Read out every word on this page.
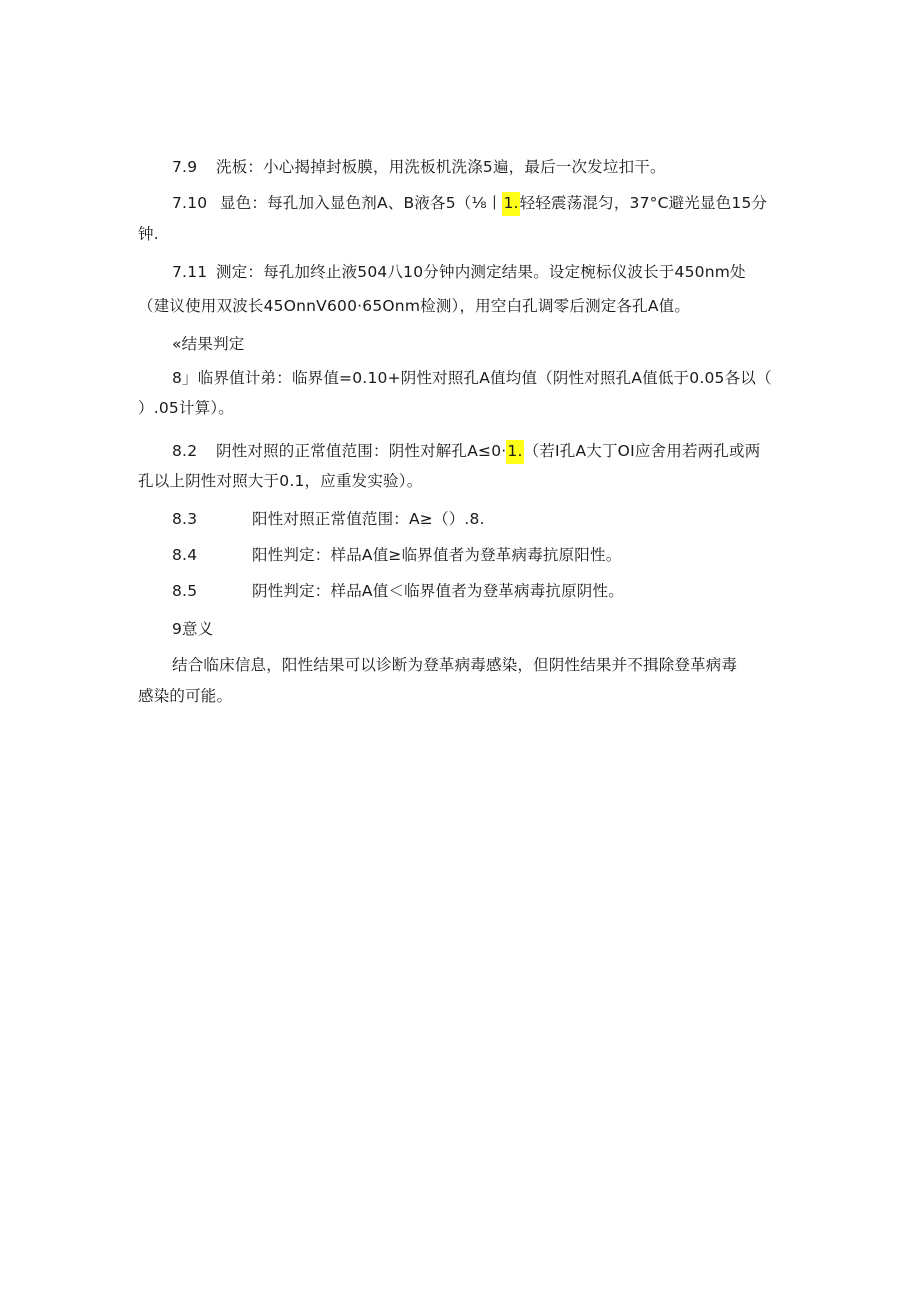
7.9 洗板：小心揭掉封板膜，用洗板机洗涤5遍，最后一次发垃扣干。
7.10 显色：每孔加入显色剂A、B液各5（⅛丨1.轻轻震荡混匀，37°C避光显色15分
钟.
7.11 测定：每孔加终止液504八10分钟内测定结果。设定椀标仪波长于450nm处
（建议使用双波长45OnnV600·65Onm检测），用空白孔调零后测定各孔A值。
«结果判定
8」临界值计弟：临界值=0.10+阴性对照孔A值均值（阴性对照孔A值低于0.05各以（
）.05计算）。
8.2 阴性对照的正常值范围：阴性对解孔A≤0·1.（若I孔A大丁OI应舍用若两孔或两
孔以上阴性对照大于0.1，应重发实验）。
8.3	阳性对照正常值范围：A≥（）.8.
8.4	阳性判定：样品A值≥临界值者为登革病毒抗原阳性。
8.5	阴性判定：样品A值＜临界值者为登革病毒抗原阴性。
9意义
结合临床信息，阳性结果可以诊断为登革病毒感染，但阴性结果并不揖除登革病毒
感染的可能。
